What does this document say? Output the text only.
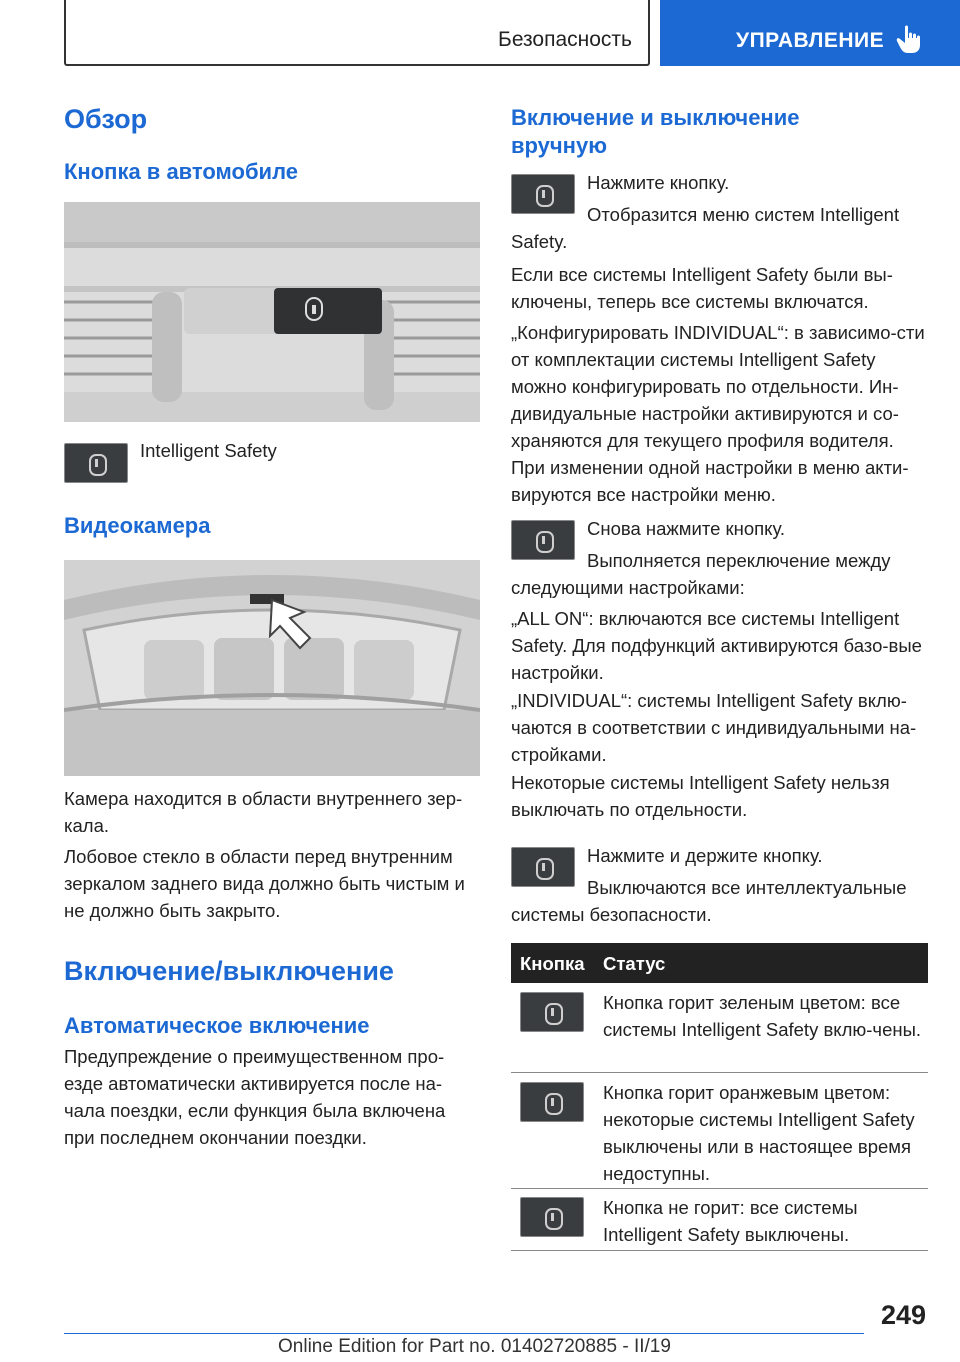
Безопасность	УПРАВЛЕНИЕ
Обзор
Кнопка в автомобиле
Intelligent Safety
Видеокамера
Камера находится в области внутреннего зер-кала.
Лобовое стекло в области перед внутренним зеркалом заднего вида должно быть чистым и не должно быть закрыто.
Включение/выключение
Автоматическое включение
Предупреждение о преимущественном про-езде автоматически активируется после на-чала поездки, если функция была включена при последнем окончании поездки.
Включение и выключение вручную
Нажмите кнопку.
Отобразится меню систем Intelligent Safety.
Если все системы Intelligent Safety были вы-ключены, теперь все системы включатся.
„Конфигурировать INDIVIDUAL“: в зависимо-сти от комплектации системы Intelligent Safety можно конфигурировать по отдельности. Ин-дивидуальные настройки активируются и со-храняются для текущего профиля водителя. При изменении одной настройки в меню акти-вируются все настройки меню.
Снова нажмите кнопку.
Выполняется переключение между следующими настройками:
„ALL ON“: включаются все системы Intelligent Safety. Для подфункций активируются базо-вые настройки.
„INDIVIDUAL“: системы Intelligent Safety вклю-чаются в соответствии с индивидуальными на-стройками.
Некоторые системы Intelligent Safety нельзя выключать по отдельности.
Нажмите и держите кнопку.
Выключаются все интеллектуальные системы безопасности.
Кнопка Статус
Кнопка горит зеленым цветом: все системы Intelligent Safety вклю-чены.
Кнопка горит оранжевым цветом: некоторые системы Intelligent Safety выключены или в настоящее время недоступны.
Кнопка не горит: все системы Intelligent Safety выключены.
249
Online Edition for Part no. 01402720885 - II/19
